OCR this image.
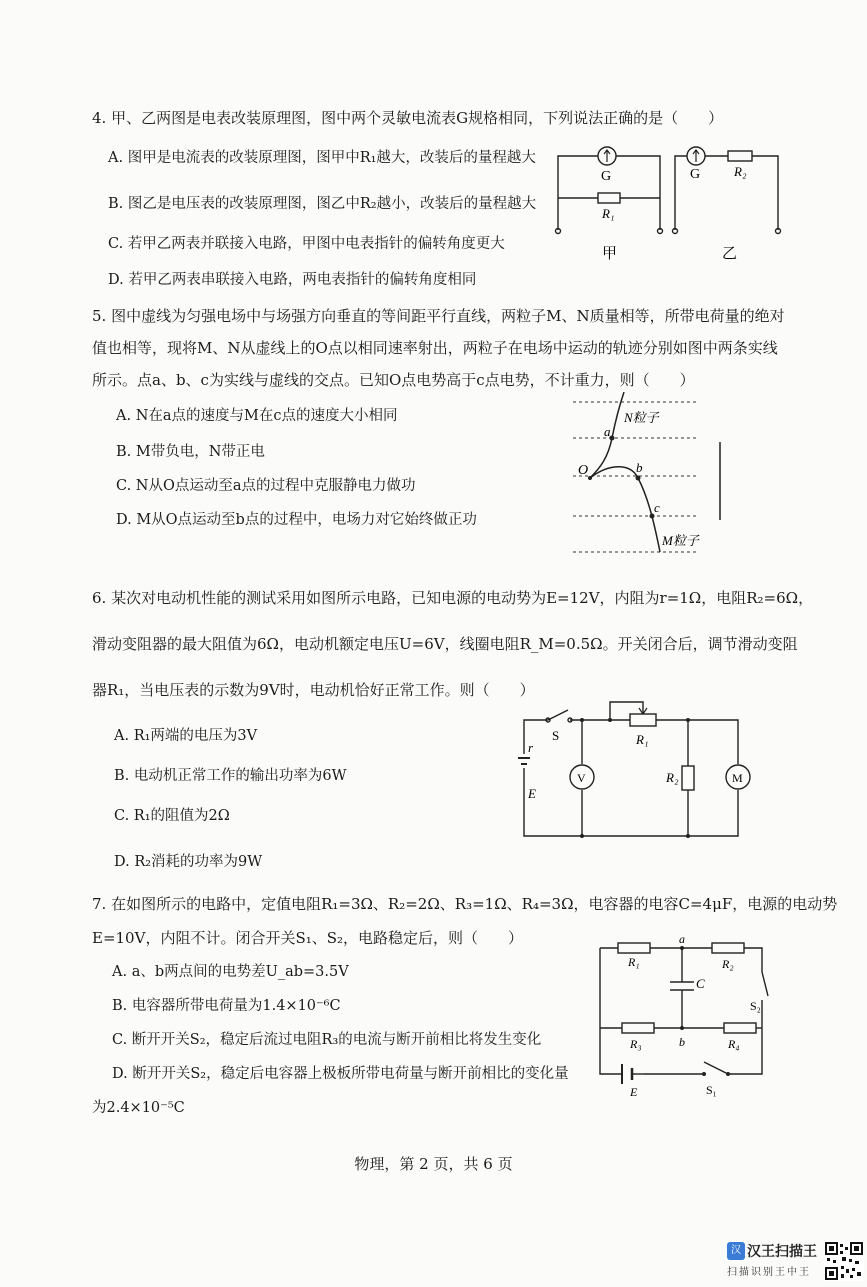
4. 甲、乙两图是电表改装原理图，图中两个灵敏电流表G规格相同，下列说法正确的是（　　）
A. 图甲是电流表的改装原理图，图甲中R₁越大，改装后的量程越大
B. 图乙是电压表的改装原理图，图乙中R₂越小，改装后的量程越大
C. 若甲乙两表并联接入电路，甲图中电表指针的偏转角度更大
D. 若甲乙两表串联接入电路，两电表指针的偏转角度相同
G
R₁
甲
G	R₂
乙
5. 图中虚线为匀强电场中与场强方向垂直的等间距平行直线，两粒子M、N质量相等，所带电荷量的绝对
值也相等，现将M、N从虚线上的O点以相同速率射出，两粒子在电场中运动的轨迹分别如图中两条实线
所示。点a、b、c为实线与虚线的交点。已知O点电势高于c点电势，不计重力，则（　　）
A. N在a点的速度与M在c点的速度大小相同
B. M带负电，N带正电
C. N从O点运动至a点的过程中克服静电力做功
D. M从O点运动至b点的过程中，电场力对它始终做正功
N粒子
M粒子
O
a
b
c
6. 某次对电动机性能的测试采用如图所示电路，已知电源的电动势为E=12V，内阻为r=1Ω，电阻R₂=6Ω，
滑动变阻器的最大阻值为6Ω，电动机额定电压U=6V，线圈电阻R_M=0.5Ω。开关闭合后，调节滑动变阻
器R₁，当电压表的示数为9V时，电动机恰好正常工作。则（　　）
A. R₁两端的电压为3V
B. 电动机正常工作的输出功率为6W
C. R₁的阻值为2Ω
D. R₂消耗的功率为9W
S	R₁
R₂
r
E
V	M
7. 在如图所示的电路中，定值电阻R₁=3Ω、R₂=2Ω、R₃=1Ω、R₄=3Ω，电容器的电容C=4μF，电源的电动势
E=10V，内阻不计。闭合开关S₁、S₂，电路稳定后，则（　　）
A. a、b两点间的电势差U_ab=3.5V
B. 电容器所带电荷量为1.4×10⁻⁶C
C. 断开开关S₂，稳定后流过电阻R₃的电流与断开前相比将发生变化
D. 断开开关S₂，稳定后电容器上极板所带电荷量与断开前相比的变化量
为2.4×10⁻⁵C
R₁	R₂
R₃	R₄
C
a
b
S₁
S₂
E
物理，第 2 页，共 6 页
汉 汉王扫描王
扫描识别王中王
